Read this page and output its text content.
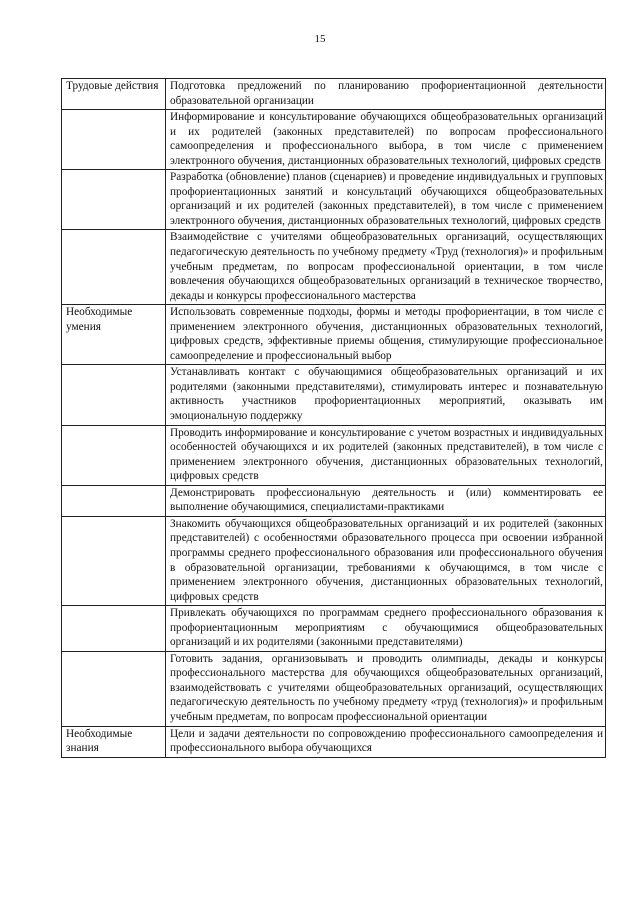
15
Трудовые действия	Подготовка предложений по планированию профориентационной деятельности образовательной организации
	Информирование и консультирование обучающихся общеобразовательных организаций и их родителей (законных представителей) по вопросам профессионального самоопределения и профессионального выбора, в том числе с применением электронного обучения, дистанционных образовательных технологий, цифровых средств
	Разработка (обновление) планов (сценариев) и проведение индивидуальных и групповых профориентационных занятий и консультаций обучающихся общеобразовательных организаций и их родителей (законных представителей), в том числе с применением электронного обучения, дистанционных образовательных технологий, цифровых средств
	Взаимодействие с учителями общеобразовательных организаций, осуществляющих педагогическую деятельность по учебному предмету «Труд (технология)» и профильным учебным предметам, по вопросам профессиональной ориентации, в том числе вовлечения обучающихся общеобразовательных организаций в техническое творчество, декады и конкурсы профессионального мастерства
Необходимые умения	Использовать современные подходы, формы и методы профориентации, в том числе с применением электронного обучения, дистанционных образовательных технологий, цифровых средств, эффективные приемы общения, стимулирующие профессиональное самоопределение и профессиональный выбор
	Устанавливать контакт с обучающимися общеобразовательных организаций и их родителями (законными представителями), стимулировать интерес и познавательную активность участников профориентационных мероприятий, оказывать им эмоциональную поддержку
	Проводить информирование и консультирование с учетом возрастных и индивидуальных особенностей обучающихся и их родителей (законных представителей), в том числе с применением электронного обучения, дистанционных образовательных технологий, цифровых средств
	Демонстрировать профессиональную деятельность и (или) комментировать ее выполнение обучающимися, специалистами-практиками
	Знакомить обучающихся общеобразовательных организаций и их родителей (законных представителей) с особенностями образовательного процесса при освоении избранной программы среднего профессионального образования или профессионального обучения в образовательной организации, требованиями к обучающимся, в том числе с применением электронного обучения, дистанционных образовательных технологий, цифровых средств
	Привлекать обучающихся по программам среднего профессионального образования к профориентационным мероприятиям с обучающимися общеобразовательных организаций и их родителями (законными представителями)
	Готовить задания, организовывать и проводить олимпиады, декады и конкурсы профессионального мастерства для обучающихся общеобразовательных организаций, взаимодействовать с учителями общеобразовательных организаций, осуществляющих педагогическую деятельность по учебному предмету «труд (технология)» и профильным учебным предметам, по вопросам профессиональной ориентации
Необходимые знания	Цели и задачи деятельности по сопровождению профессионального самоопределения и профессионального выбора обучающихся
